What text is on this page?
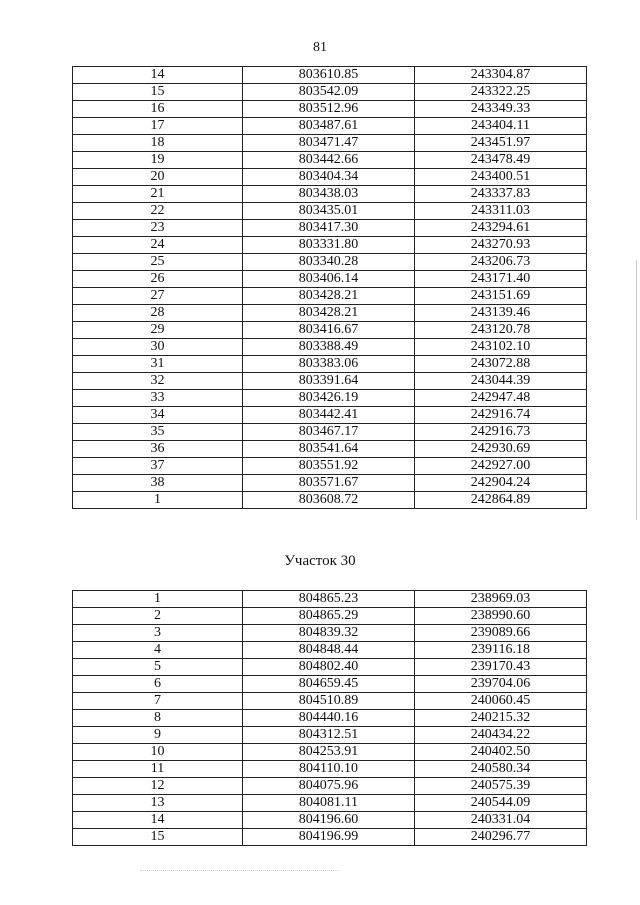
81
14	803610.85	243304.87
15	803542.09	243322.25
16	803512.96	243349.33
17	803487.61	243404.11
18	803471.47	243451.97
19	803442.66	243478.49
20	803404.34	243400.51
21	803438.03	243337.83
22	803435.01	243311.03
23	803417.30	243294.61
24	803331.80	243270.93
25	803340.28	243206.73
26	803406.14	243171.40
27	803428.21	243151.69
28	803428.21	243139.46
29	803416.67	243120.78
30	803388.49	243102.10
31	803383.06	243072.88
32	803391.64	243044.39
33	803426.19	242947.48
34	803442.41	242916.74
35	803467.17	242916.73
36	803541.64	242930.69
37	803551.92	242927.00
38	803571.67	242904.24
1	803608.72	242864.89
Участок 30
1	804865.23	238969.03
2	804865.29	238990.60
3	804839.32	239089.66
4	804848.44	239116.18
5	804802.40	239170.43
6	804659.45	239704.06
7	804510.89	240060.45
8	804440.16	240215.32
9	804312.51	240434.22
10	804253.91	240402.50
11	804110.10	240580.34
12	804075.96	240575.39
13	804081.11	240544.09
14	804196.60	240331.04
15	804196.99	240296.77
